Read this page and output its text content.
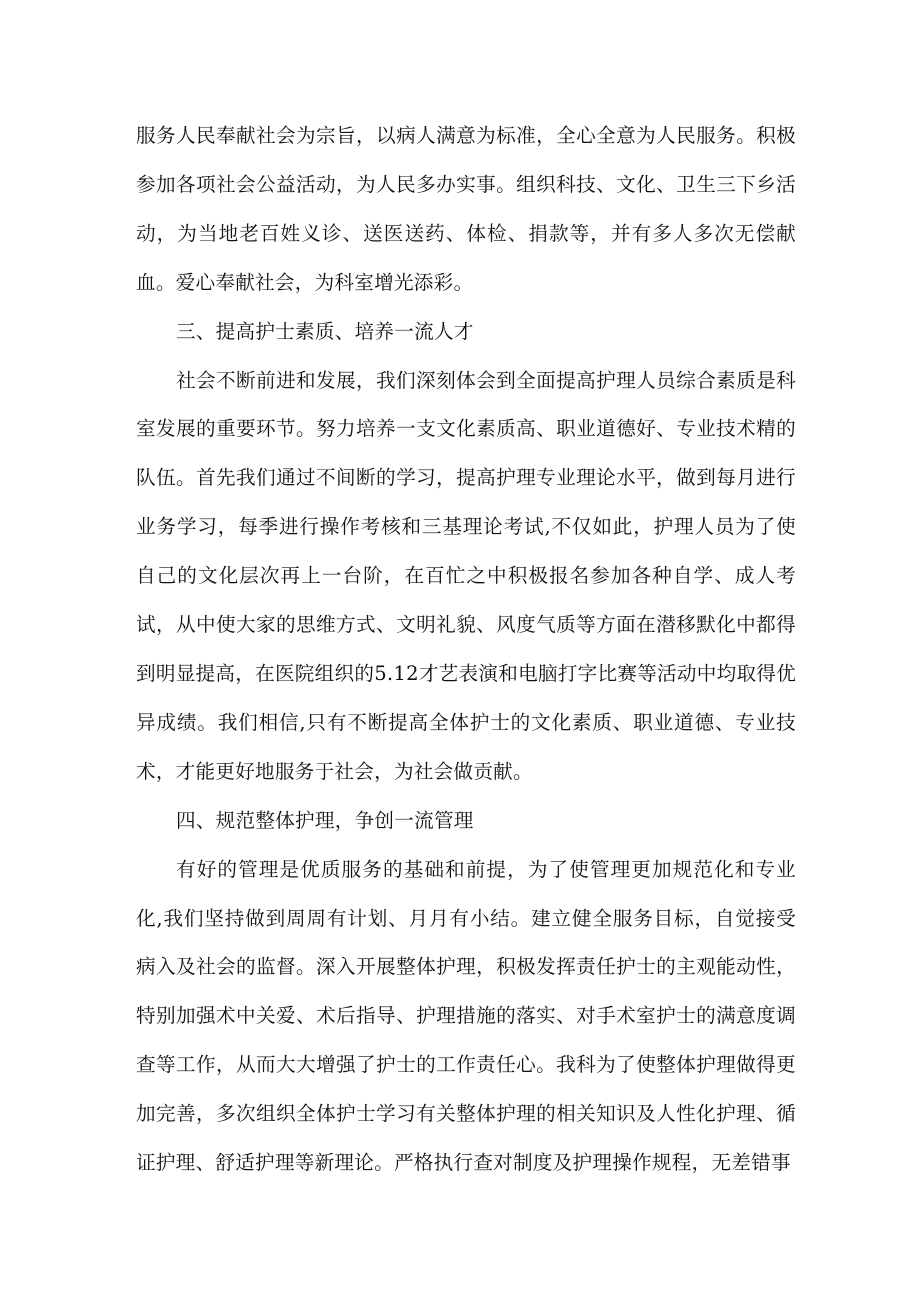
服务人民奉献社会为宗旨，以病人满意为标准，全心全意为人民服务。积极参加各项社会公益活动，为人民多办实事。组织科技、文化、卫生三下乡活动，为当地老百姓义诊、送医送药、体检、捐款等，并有多人多次无偿献血。爱心奉献社会，为科室增光添彩。

三、提高护士素质、培养一流人才

社会不断前进和发展，我们深刻体会到全面提高护理人员综合素质是科室发展的重要环节。努力培养一支文化素质高、职业道德好、专业技术精的队伍。首先我们通过不间断的学习，提高护理专业理论水平，做到每月进行业务学习，每季进行操作考核和三基理论考试,不仅如此，护理人员为了使自己的文化层次再上一台阶，在百忙之中积极报名参加各种自学、成人考试，从中使大家的思维方式、文明礼貌、风度气质等方面在潜移默化中都得到明显提高，在医院组织的5.12才艺表演和电脑打字比赛等活动中均取得优异成绩。我们相信,只有不断提高全体护士的文化素质、职业道德、专业技术，才能更好地服务于社会，为社会做贡献。

四、规范整体护理，争创一流管理

有好的管理是优质服务的基础和前提，为了使管理更加规范化和专业化,我们坚持做到周周有计划、月月有小结。建立健全服务目标，自觉接受病入及社会的监督。深入开展整体护理，积极发挥责任护士的主观能动性，特别加强术中关爱、术后指导、护理措施的落实、对手术室护士的满意度调查等工作，从而大大增强了护士的工作责任心。我科为了使整体护理做得更加完善，多次组织全体护士学习有关整体护理的相关知识及人性化护理、循证护理、舒适护理等新理论。严格执行查对制度及护理操作规程，无差错事
